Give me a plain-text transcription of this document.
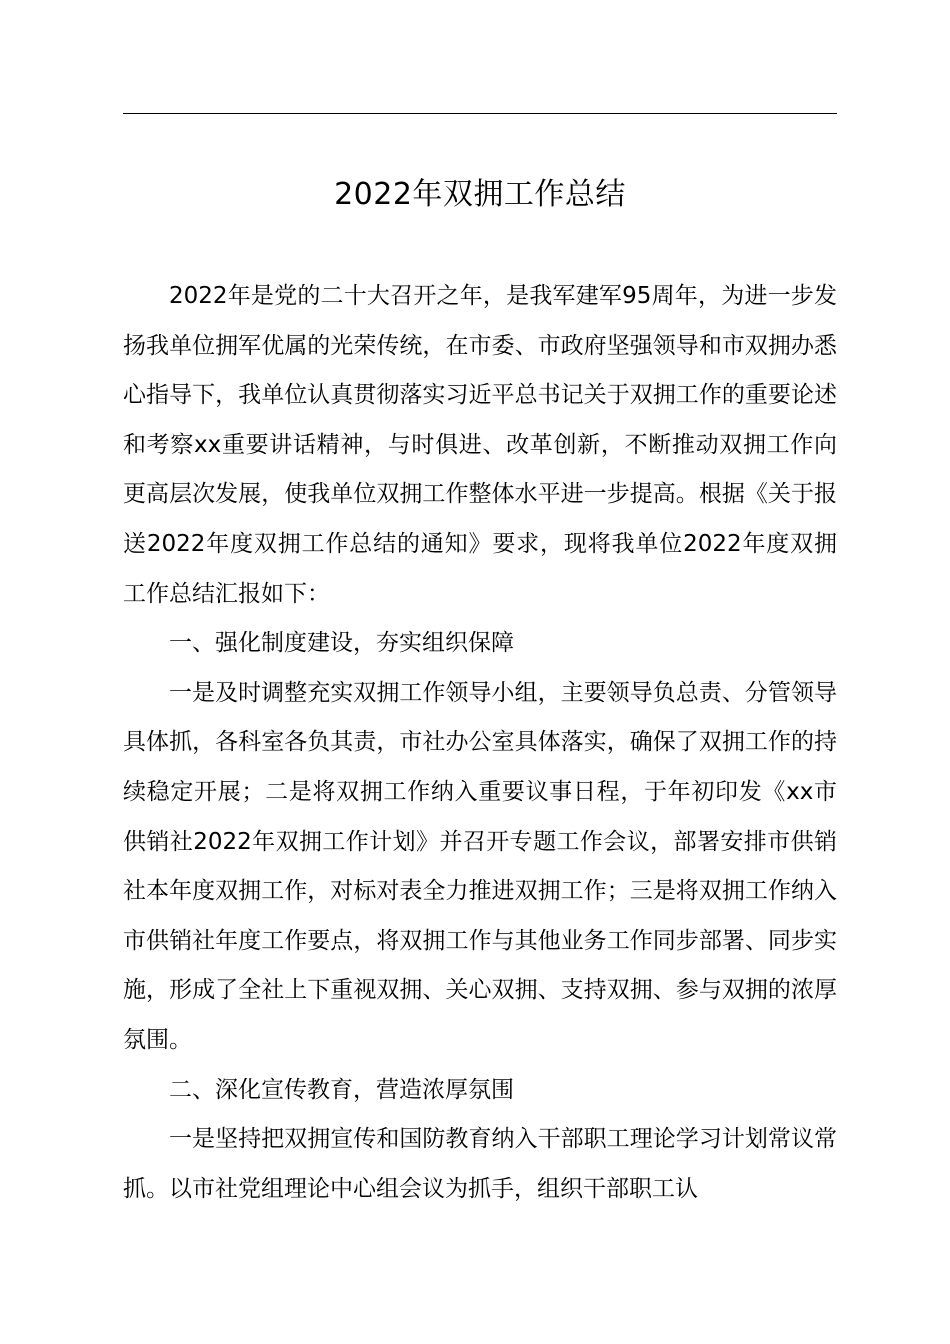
2022年双拥工作总结

2022年是党的二十大召开之年，是我军建军95周年，为进一步发扬我单位拥军优属的光荣传统，在市委、市政府坚强领导和市双拥办悉心指导下，我单位认真贯彻落实习近平总书记关于双拥工作的重要论述和考察xx重要讲话精神，与时俱进、改革创新，不断推动双拥工作向更高层次发展，使我单位双拥工作整体水平进一步提高。根据《关于报送2022年度双拥工作总结的通知》要求，现将我单位2022年度双拥工作总结汇报如下：

一、强化制度建设，夯实组织保障

一是及时调整充实双拥工作领导小组，主要领导负总责、分管领导具体抓，各科室各负其责，市社办公室具体落实，确保了双拥工作的持续稳定开展；二是将双拥工作纳入重要议事日程，于年初印发《xx市供销社2022年双拥工作计划》并召开专题工作会议，部署安排市供销社本年度双拥工作，对标对表全力推进双拥工作；三是将双拥工作纳入市供销社年度工作要点，将双拥工作与其他业务工作同步部署、同步实施，形成了全社上下重视双拥、关心双拥、支持双拥、参与双拥的浓厚氛围。

二、深化宣传教育，营造浓厚氛围

一是坚持把双拥宣传和国防教育纳入干部职工理论学习计划常议常抓。以市社党组理论中心组会议为抓手，组织干部职工认
